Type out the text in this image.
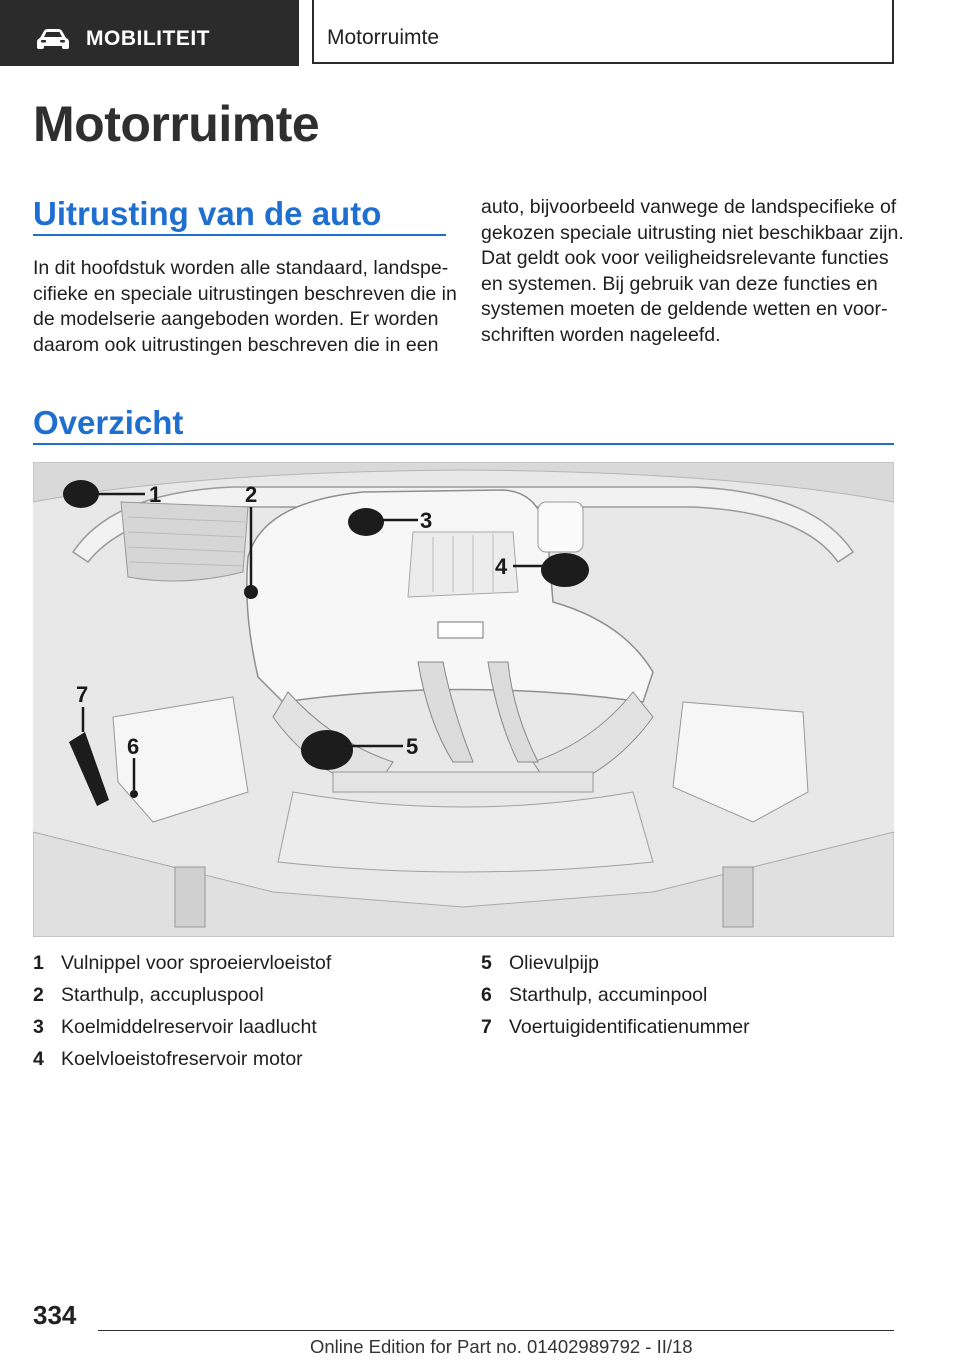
MOBILITEIT	Motorruimte
Motorruimte
Uitrusting van de auto
In dit hoofdstuk worden alle standaard, landspe-
cifieke en speciale uitrustingen beschreven die in
de modelserie aangeboden worden. Er worden
daarom ook uitrustingen beschreven die in een
auto, bijvoorbeeld vanwege de landspecifieke of
gekozen speciale uitrusting niet beschikbaar zijn.
Dat geldt ook voor veiligheidsrelevante functies
en systemen. Bij gebruik van deze functies en
systemen moeten de geldende wetten en voor-
schriften worden nageleefd.
Overzicht
1	2
3
4
5
6
7
1 Vulnippel voor sproeiervloeistof
2 Starthulp, accupluspool
3 Koelmiddelreservoir laadlucht
4 Koelvloeistofreservoir motor
5 Olievulpijp
6 Starthulp, accuminpool
7 Voertuigidentificatienummer
334
Online Edition for Part no. 01402989792 - II/18
